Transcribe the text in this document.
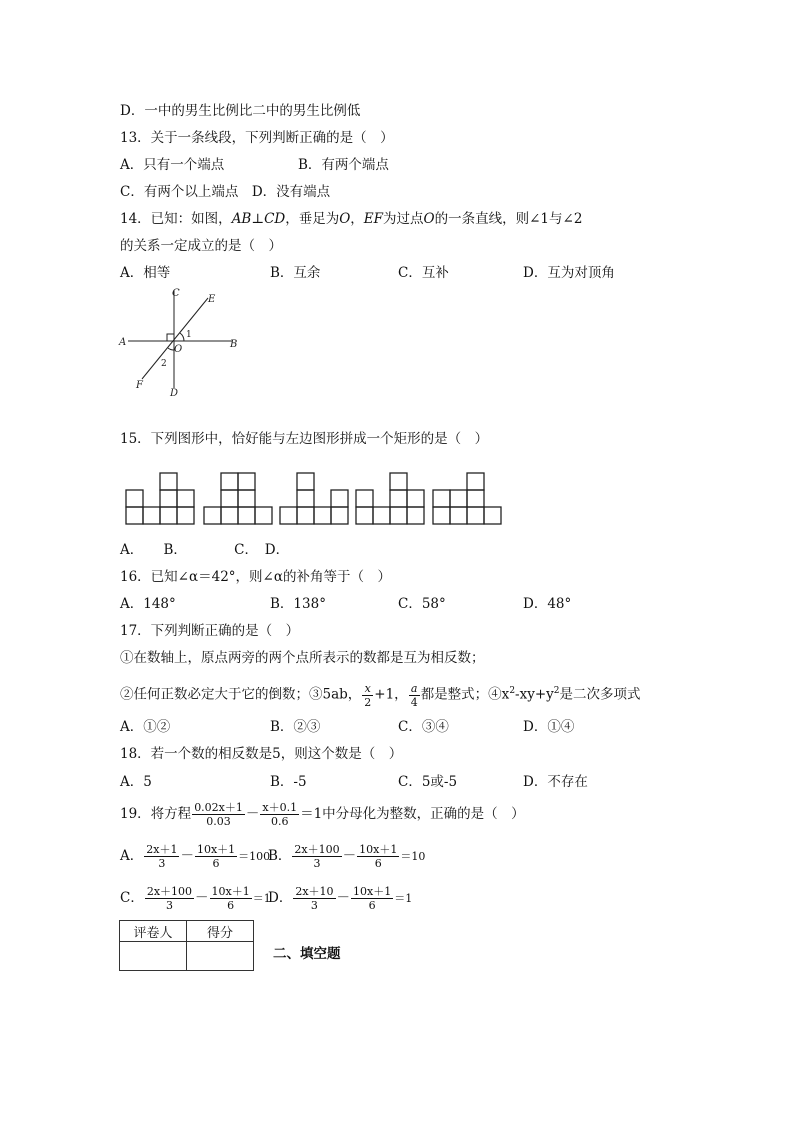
D．一中的男生比例比二中的男生比例低
13．关于一条线段，下列判断正确的是（　）
A．只有一个端点	B．有两个端点
C．有两个以上端点　D．没有端点
14．已知：如图，AB⊥CD，垂足为O，EF为过点O的一条直线，则∠1与∠2
的关系一定成立的是（　）
A．相等	B．互余	C．互补	D．互为对顶角
A	B
C
D
E
F
O
1
2
15．下列图形中，恰好能与左边图形拼成一个矩形的是（　）
A．　　B．　　　　C．　D．
16．已知∠α＝42°，则∠α的补角等于（　）
A．148°	B．138°	C．58°	D．48°
17．下列判断正确的是（　）
①在数轴上，原点两旁的两个点所表示的数都是互为相反数；
②任何正数必定大于它的倒数；③5ab， $\frac{x}{2} +1$， $\frac{a}{4}$ 都是整式；$④x^2-xy+y^2$是二次多项式
A．①②	B．②③	C．③④	D．①④
18．若一个数的相反数是5，则这个数是（　）
A．5	B．-5	C．5或-5	D．不存在
19．将方程 $\frac{0.02x+1}{0.03} - \frac{x+0.1}{0.6} =1$中分母化为整数，正确的是（　）
A． $\frac{2x+1}{3} - \frac{10x+1}{6} =100$
B． $\frac{2x+100}{3} - \frac{10x+1}{6} =10$
C． $\frac{2x+100}{3} - \frac{10x+1}{6} =1$
D． $\frac{2x+10}{3} - \frac{10x+1}{6} =1$
评卷人	得分

二、填空题
